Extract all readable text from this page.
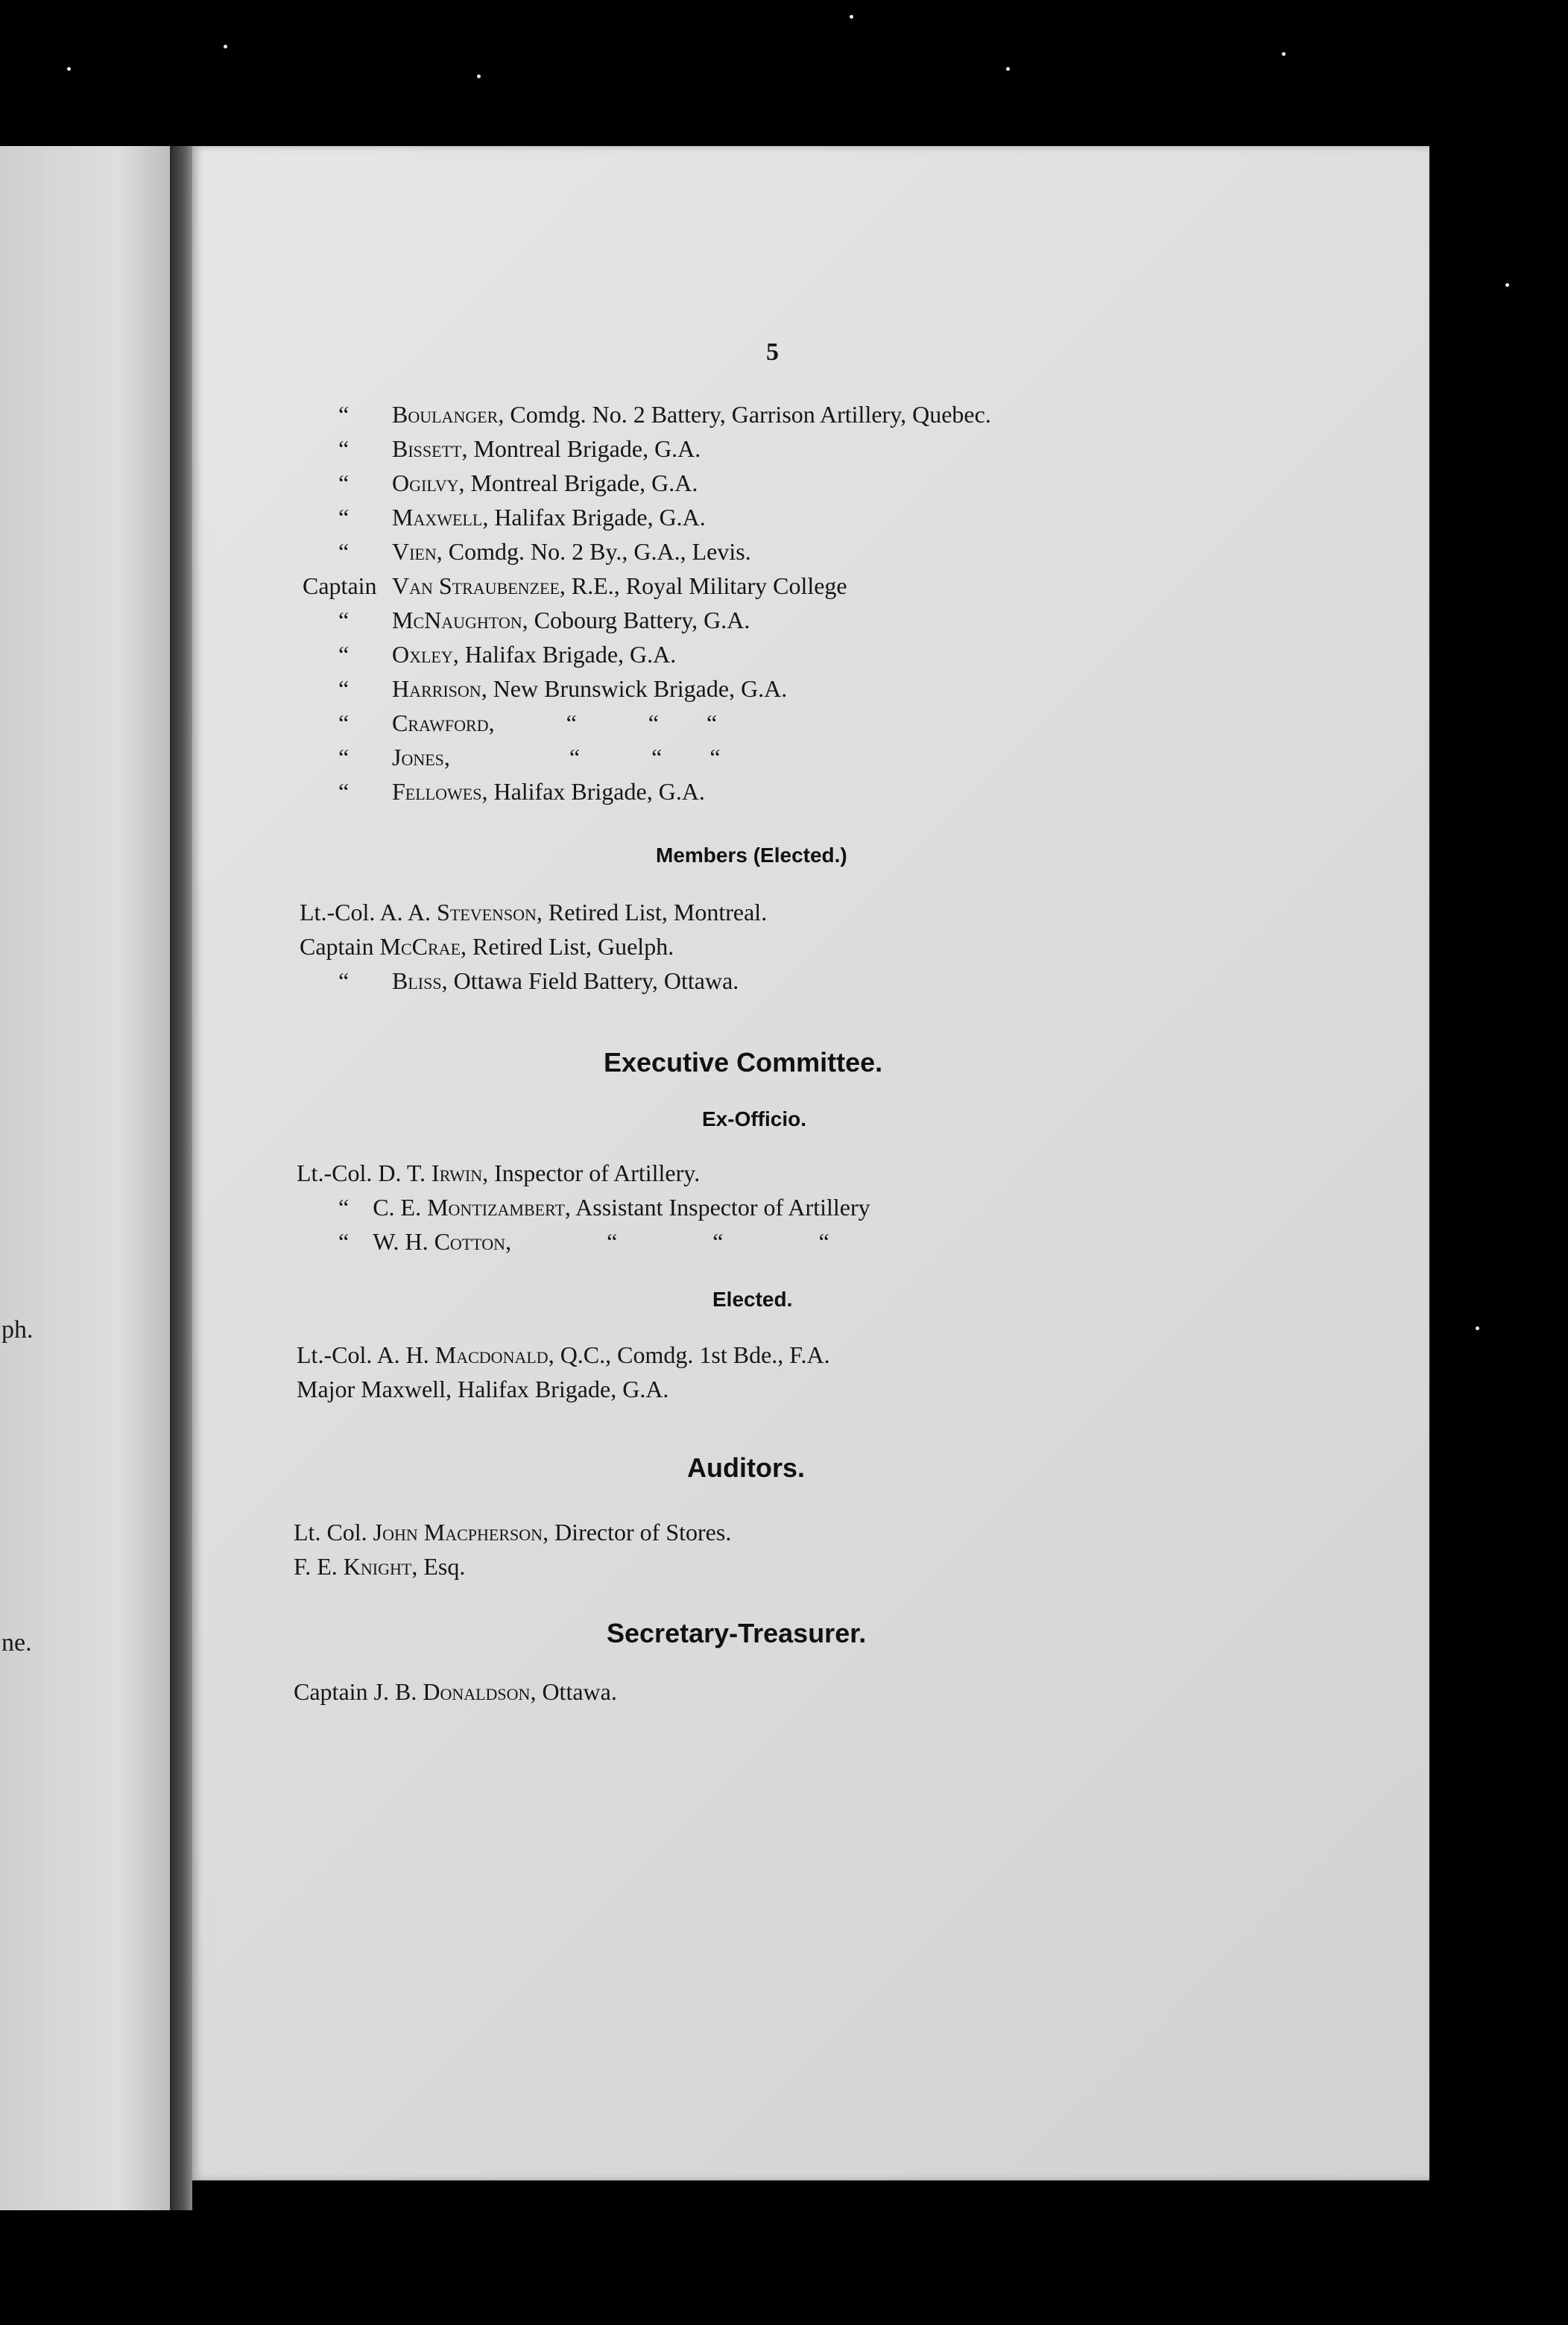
ph.
ne.
5
“ Boulanger, Comdg. No. 2 Battery, Garrison Artillery, Quebec.
“ Bissett, Montreal Brigade, G.A.
“ Ogilvy, Montreal Brigade, G.A.
“ Maxwell, Halifax Brigade, G.A.
“ Vien, Comdg. No. 2 By., G.A., Levis.
Captain Van Straubenzee, R.E., Royal Military College
“ McNaughton, Cobourg Battery, G.A.
“ Oxley, Halifax Brigade, G.A.
“ Harrison, New Brunswick Brigade, G.A.
“ Crawford,   “   “  “
“ Jones,     “   “  “
“ Fellowes, Halifax Brigade, G.A.
Members (Elected.)
Lt.-Col. A. A. Stevenson, Retired List, Montreal.
Captain McCrae, Retired List, Guelph.
“ Bliss, Ottawa Field Battery, Ottawa.
Executive Committee.
Ex-Officio.
Lt.-Col. D. T. Irwin, Inspector of Artillery.
“ C. E. Montizambert, Assistant Inspector of Artillery
“ W. H. Cotton,    “    “    “
Elected.
Lt.-Col. A. H. Macdonald, Q.C., Comdg. 1st Bde., F.A.
Major Maxwell, Halifax Brigade, G.A.
Auditors.
Lt. Col. John Macpherson, Director of Stores.
F. E. Knight, Esq.
Secretary-Treasurer.
Captain J. B. Donaldson, Ottawa.
